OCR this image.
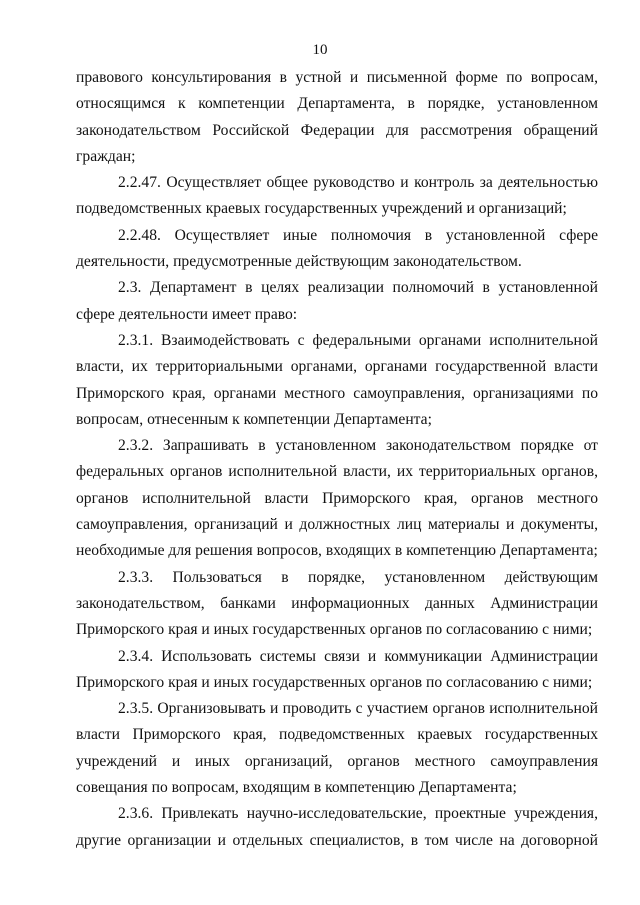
10

правового консультирования в устной и письменной форме по вопросам, относящимся к компетенции Департамента, в порядке, установленном законодательством Российской Федерации для рассмотрения обращений граждан;

2.2.47. Осуществляет общее руководство и контроль за деятельностью подведомственных краевых государственных учреждений и организаций;

2.2.48. Осуществляет иные полномочия в установленной сфере деятельности, предусмотренные действующим законодательством.

2.3. Департамент в целях реализации полномочий в установленной сфере деятельности имеет право:

2.3.1. Взаимодействовать с федеральными органами исполнительной власти, их территориальными органами, органами государственной власти Приморского края, органами местного самоуправления, организациями по вопросам, отнесенным к компетенции Департамента;

2.3.2. Запрашивать в установленном законодательством порядке от федеральных органов исполнительной власти, их территориальных органов, органов исполнительной власти Приморского края, органов местного самоуправления, организаций и должностных лиц материалы и документы, необходимые для решения вопросов, входящих в компетенцию Департамента;

2.3.3. Пользоваться в порядке, установленном действующим законодательством, банками информационных данных Администрации Приморского края и иных государственных органов по согласованию с ними;

2.3.4. Использовать системы связи и коммуникации Администрации Приморского края и иных государственных органов по согласованию с ними;

2.3.5. Организовывать и проводить с участием органов исполнительной власти Приморского края, подведомственных краевых государственных учреждений и иных организаций, органов местного самоуправления совещания по вопросам, входящим в компетенцию Департамента;

2.3.6. Привлекать научно-исследовательские, проектные учреждения, другие организации и отдельных специалистов, в том числе на договорной
